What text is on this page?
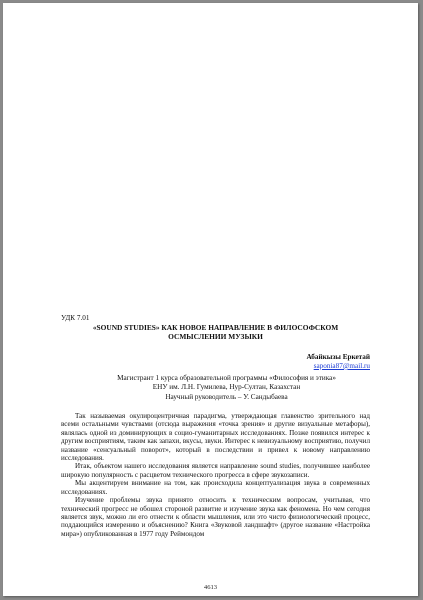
УДК 7.01

«SOUND STUDIES» КАК НОВОЕ НАПРАВЛЕНИЕ В ФИЛОСОФСКОМ
ОСМЫСЛЕНИИ МУЗЫКИ

Абайкызы Еркетай

saponia87@mail.ru

Магистрант 1 курса образовательной программы «Философия и этика»

ЕНУ им. Л.Н. Гумилева, Нур-Султан, Казахстан

Научный руководитель – У. Сандыбаева

Так называемая окулироцентричная парадигма, утверждающая главенство зрительного над всеми остальными чувствами (отсюда выражения «точка зрения» и другие визуальные метафоры), являлась одной из доминирующих в социо-гуманитарных исследованиях. Позже появился интерес к другим восприятиям, таким как запахи, вкусы, звуки. Интерес к невизуальному восприятию, получил название «сенсуальный поворот», который в последствии и привел к новому направлению исследования.

Итак, объектом нашего исследования является направление sound studies, получившее наиболее широкую популярность с расцветом технического прогресса в сфере звукозаписи.

Мы акцентируем внимание на том, как происходила концептуализация звука в современных исследованиях.

Изучение проблемы звука принято относить к техническим вопросам, учитывая, что технический прогресс не обошел стороной развитие и изучение звука как феномена. Но чем сегодня является звук, можно ли его отнести к области мышления, или это чисто физиологический процесс, поддающийся измерению и объяснению? Книга «Звуковой ландшафт» (другое название «Настройка мира») опубликованная в 1977 году Реймондом

4613
